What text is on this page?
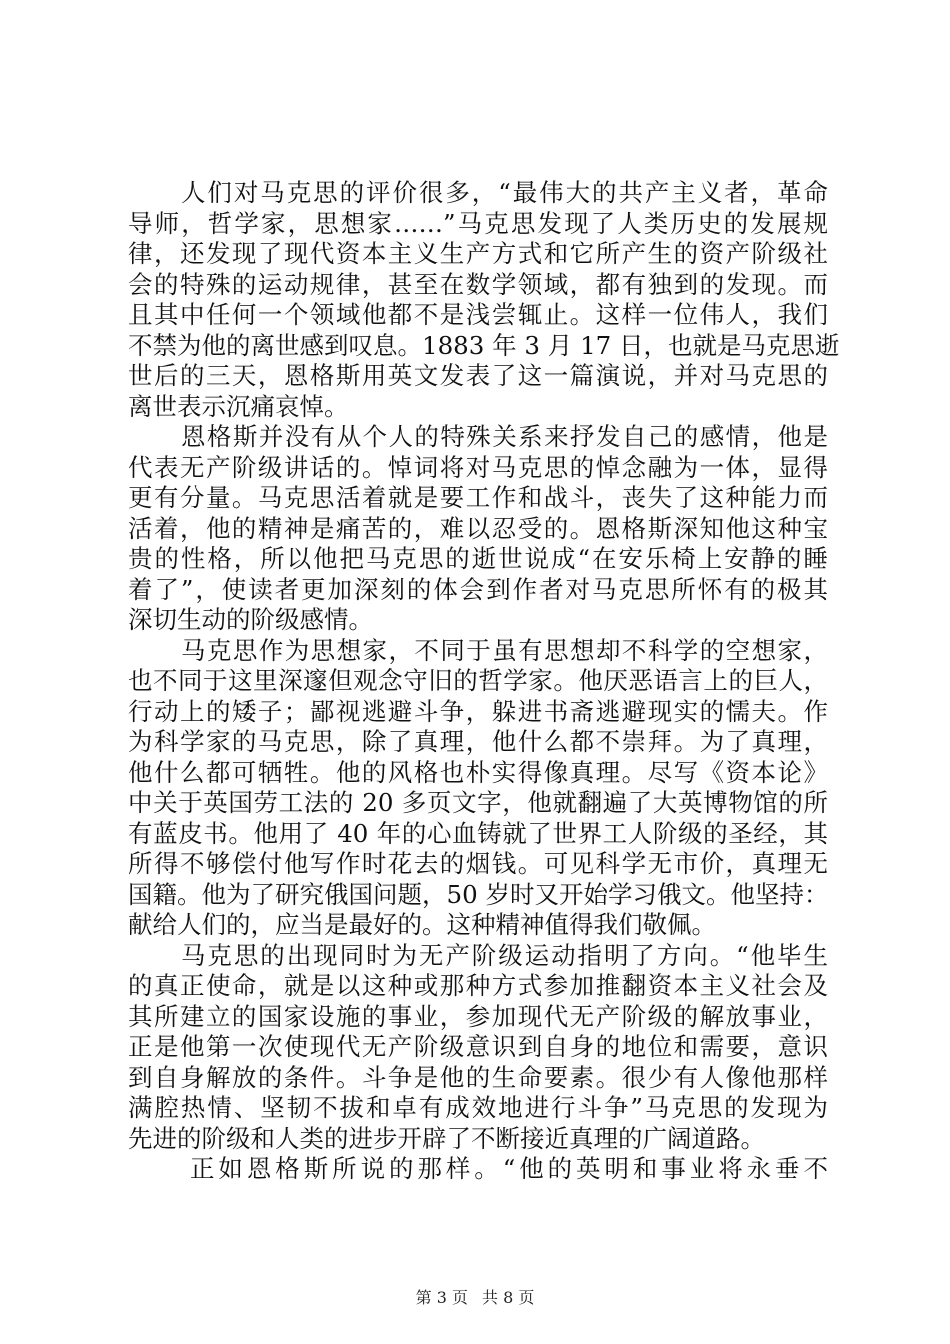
人们对马克思的评价很多，“最伟大的共产主义者，革命
导师，哲学家，思想家……”马克思发现了人类历史的发展规
律，还发现了现代资本主义生产方式和它所产生的资产阶级社
会的特殊的运动规律，甚至在数学领域，都有独到的发现。而
且其中任何一个领域他都不是浅尝辄止。这样一位伟人，我们
不禁为他的离世感到叹息。1883 年 3 月 17 日，也就是马克思逝
世后的三天，恩格斯用英文发表了这一篇演说，并对马克思的
离世表示沉痛哀悼。
恩格斯并没有从个人的特殊关系来抒发自己的感情，他是
代表无产阶级讲话的。悼词将对马克思的悼念融为一体，显得
更有分量。马克思活着就是要工作和战斗，丧失了这种能力而
活着，他的精神是痛苦的，难以忍受的。恩格斯深知他这种宝
贵的性格，所以他把马克思的逝世说成“在安乐椅上安静的睡
着了”，使读者更加深刻的体会到作者对马克思所怀有的极其
深切生动的阶级感情。
马克思作为思想家，不同于虽有思想却不科学的空想家，
也不同于这里深邃但观念守旧的哲学家。他厌恶语言上的巨人，
行动上的矮子；鄙视逃避斗争，躲进书斋逃避现实的懦夫。作
为科学家的马克思，除了真理，他什么都不崇拜。为了真理，
他什么都可牺牲。他的风格也朴实得像真理。尽写《资本论》
中关于英国劳工法的 20 多页文字，他就翻遍了大英博物馆的所
有蓝皮书。他用了 40 年的心血铸就了世界工人阶级的圣经，其
所得不够偿付他写作时花去的烟钱。可见科学无市价，真理无
国籍。他为了研究俄国问题，50 岁时又开始学习俄文。他坚持：
献给人们的，应当是最好的。这种精神值得我们敬佩。
马克思的出现同时为无产阶级运动指明了方向。“他毕生
的真正使命，就是以这种或那种方式参加推翻资本主义社会及
其所建立的国家设施的事业，参加现代无产阶级的解放事业，
正是他第一次使现代无产阶级意识到自身的地位和需要，意识
到自身解放的条件。斗争是他的生命要素。很少有人像他那样
满腔热情、坚韧不拔和卓有成效地进行斗争”马克思的发现为
先进的阶级和人类的进步开辟了不断接近真理的广阔道路。
正如恩格斯所说的那样。“他的英明和事业将永垂不
第 3 页 共 8 页
